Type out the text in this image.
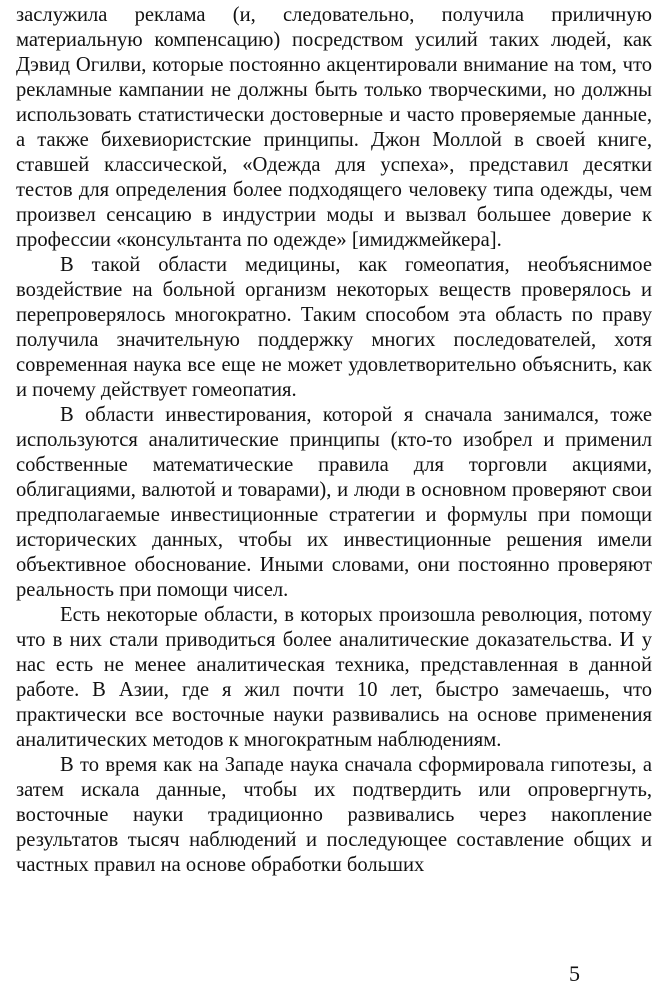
заслужила реклама (и, следовательно, получила приличную материальную компенсацию) посредством усилий таких людей, как Дэвид Огилви, которые постоянно акцентировали внимание на том, что рекламные кампании не должны быть только творческими, но должны использовать статистически достоверные и часто проверяемые данные, а также бихевиористские принципы. Джон Моллой в своей книге, ставшей классической, «Одежда для успеха», представил десятки тестов для определения более подходящего человеку типа одежды, чем произвел сенсацию в индустрии моды и вызвал большее доверие к профессии «консультанта по одежде» [имиджмейкера].

В такой области медицины, как гомеопатия, необъяснимое воздействие на больной организм некоторых веществ проверялось и перепроверялось многократно. Таким способом эта область по праву получила значительную поддержку многих последователей, хотя современная наука все еще не может удовлетворительно объяснить, как и почему действует гомеопатия.

В области инвестирования, которой я сначала занимался, тоже используются аналитические принципы (кто-то изобрел и применил собственные математические правила для торговли акциями, облигациями, валютой и товарами), и люди в основном проверяют свои предполагаемые инвестиционные стратегии и формулы при помощи исторических данных, чтобы их инвестиционные решения имели объективное обоснование. Иными словами, они постоянно проверяют реальность при помощи чисел.

Есть некоторые области, в которых произошла революция, потому что в них стали приводиться более аналитические доказательства. И у нас есть не менее аналитическая техника, представленная в данной работе. В Азии, где я жил почти 10 лет, быстро замечаешь, что практически все восточные науки развивались на основе применения аналитических методов к многократным наблюдениям.

В то время как на Западе наука сначала сформировала гипотезы, а затем искала данные, чтобы их подтвердить или опровергнуть, восточные науки традиционно развивались через накопление результатов тысяч наблюдений и последующее составление общих и частных правил на основе обработки больших

5
